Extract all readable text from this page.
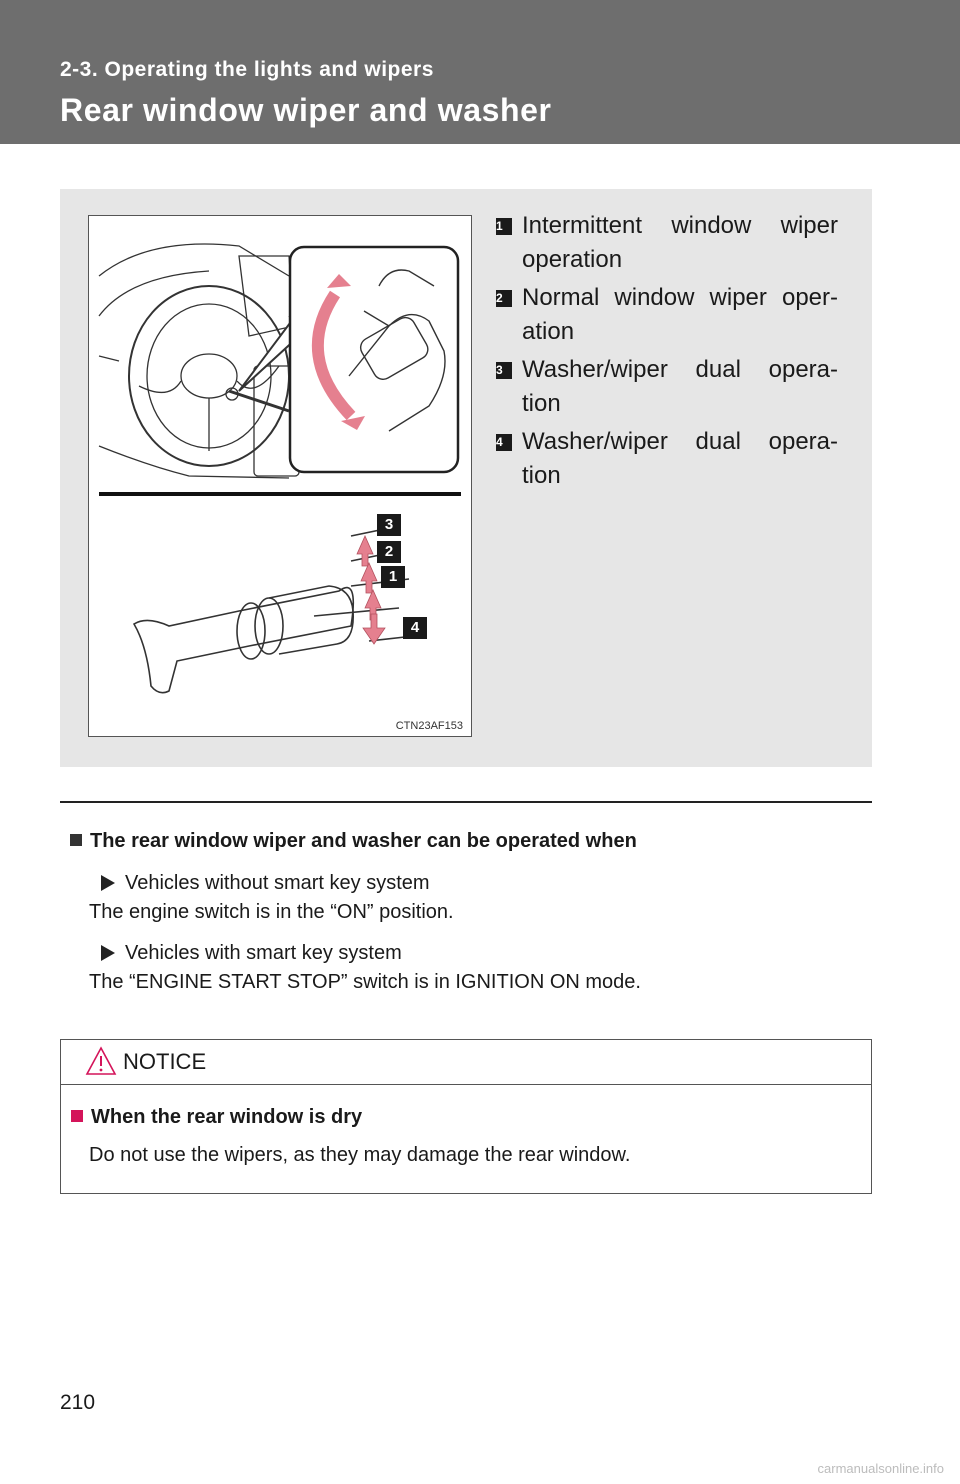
2-3. Operating the lights and wipers
Rear window wiper and washer
CTN23AF153
1 Intermittent window wiper operation
2 Normal window wiper oper- ation
3 Washer/wiper dual opera- tion
4 Washer/wiper dual opera- tion
3
2
1
4
The rear window wiper and washer can be operated when
Vehicles without smart key system
The engine switch is in the “ON” position.
Vehicles with smart key system
The “ENGINE START STOP” switch is in IGNITION ON mode.
NOTICE
When the rear window is dry
Do not use the wipers, as they may damage the rear window.
210
carmanualsonline.info
